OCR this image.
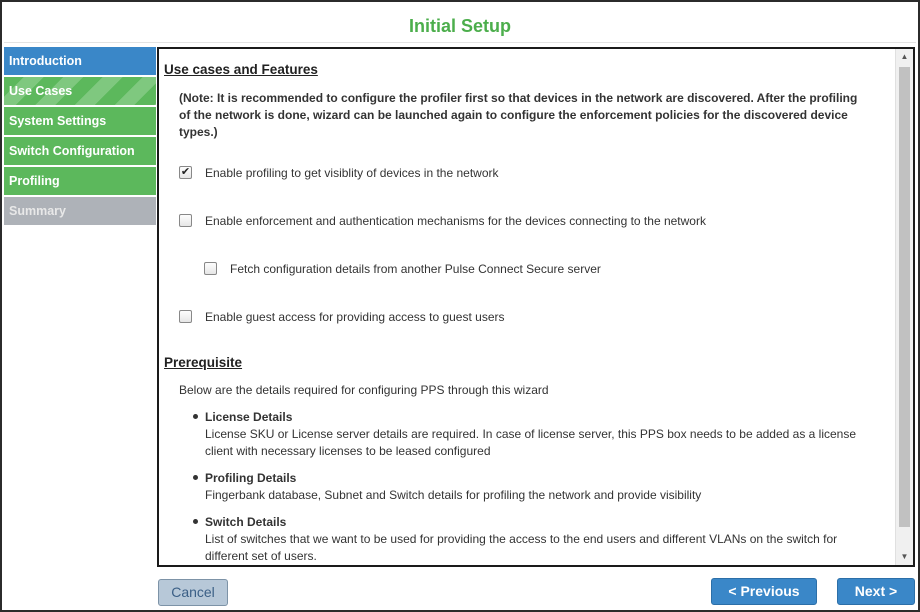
Initial Setup
Introduction
Use Cases
System Settings
Switch Configuration
Profiling
Summary
Use cases and Features
(Note: It is recommended to configure the profiler first so that devices in the network are discovered. After the profiling of the network is done, wizard can be launched again to configure the enforcement policies for the discovered device types.)
✔ Enable profiling to get visiblity of devices in the network
Enable enforcement and authentication mechanisms for the devices connecting to the network
Fetch configuration details from another Pulse Connect Secure server
Enable guest access for providing access to guest users
Prerequisite
Below are the details required for configuring PPS through this wizard
License Details
License SKU or License server details are required. In case of license server, this PPS box needs to be added as a license client with necessary licenses to be leased configured
Profiling Details
Fingerbank database, Subnet and Switch details for profiling the network and provide visibility
Switch Details
List of switches that we want to be used for providing the access to the end users and different VLANs on the switch for different set of users.
▲
▼
Cancel	< Previous	Next >
